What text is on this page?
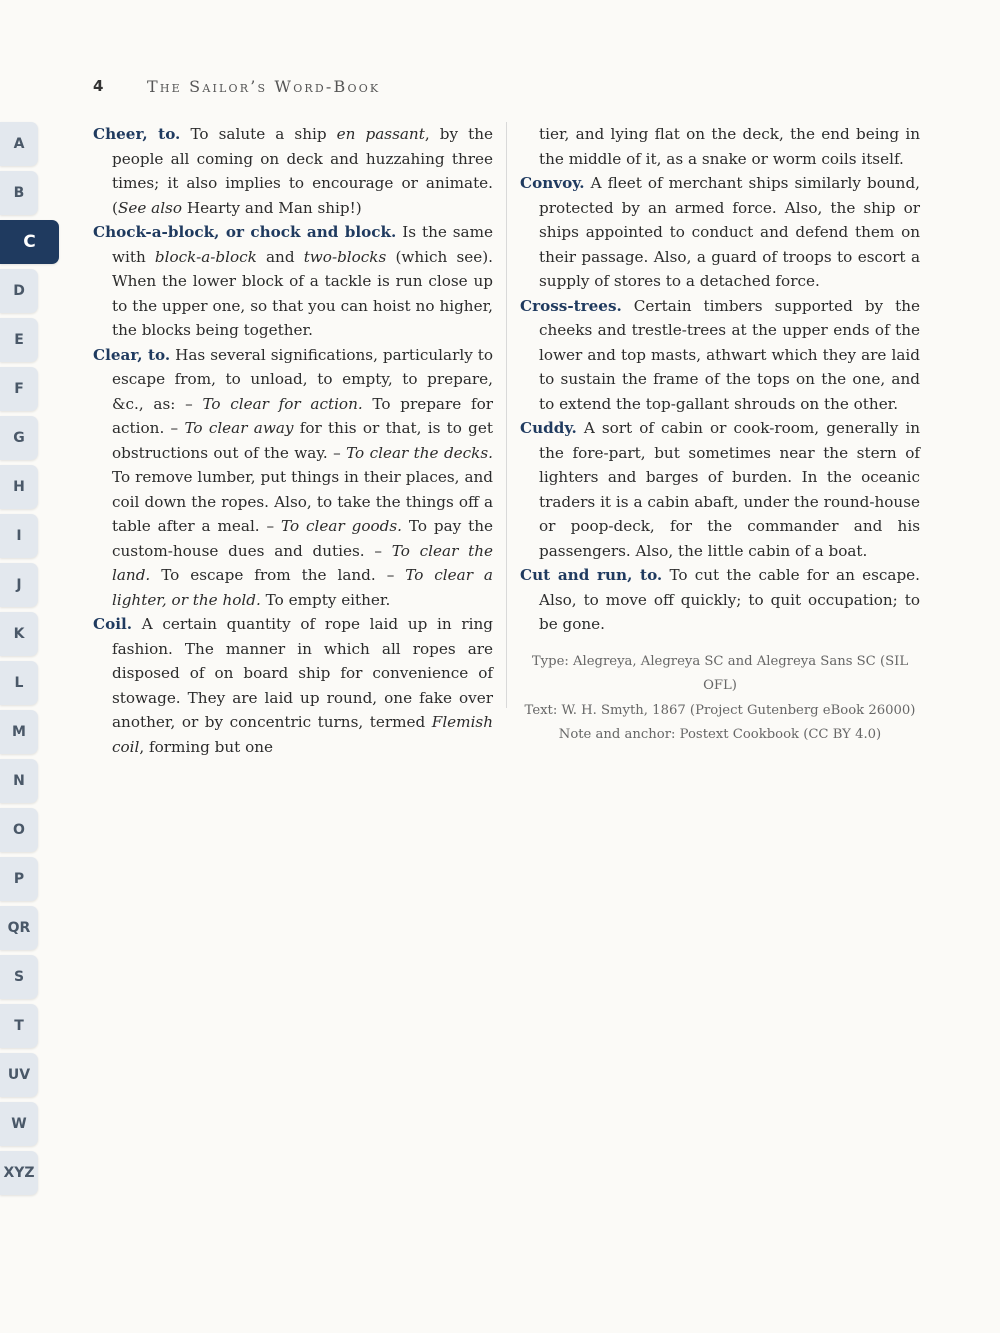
A
B
C
D
E
F
G
H
I
J
K
L
M
N
O
P
QR
S
T
UV
W
XYZ
4	The Sailor’s Word-Book

Cheer, to. To salute a ship en passant, by the people all coming on deck and huzzahing three times; it also implies to encourage or animate. (See also Hearty and Man ship!)

Chock-a-block, or chock and block. Is the same with block-a-block and two-blocks (which see). When the lower block of a tackle is run close up to the upper one, so that you can hoist no higher, the blocks being together.

Clear, to. Has several significations, particularly to escape from, to unload, to empty, to prepare, &c., as: – To clear for action. To prepare for action. – To clear away for this or that, is to get obstructions out of the way. – To clear the decks. To remove lumber, put things in their places, and coil down the ropes. Also, to take the things off a table after a meal. – To clear goods. To pay the custom-house dues and duties. – To clear the land. To escape from the land. – To clear a lighter, or the hold. To empty either.

Coil. A certain quantity of rope laid up in ring fashion. The manner in which all ropes are disposed of on board ship for convenience of stowage. They are laid up round, one fake over another, or by concentric turns, termed Flemish coil, forming but one

tier, and lying flat on the deck, the end being in the middle of it, as a snake or worm coils itself.

Convoy. A fleet of merchant ships similarly bound, protected by an armed force. Also, the ship or ships appointed to conduct and defend them on their passage. Also, a guard of troops to escort a supply of stores to a detached force.

Cross-trees. Certain timbers supported by the cheeks and trestle-trees at the upper ends of the lower and top masts, athwart which they are laid to sustain the frame of the tops on the one, and to extend the top-gallant shrouds on the other.

Cuddy. A sort of cabin or cook-room, generally in the fore-part, but sometimes near the stern of lighters and barges of burden. In the oceanic traders it is a cabin abaft, under the round-house or poop-deck, for the commander and his passengers. Also, the little cabin of a boat.

Cut and run, to. To cut the cable for an escape. Also, to move off quickly; to quit occupation; to be gone.

Type: Alegreya, Alegreya SC and Alegreya Sans SC (SIL OFL)
Text: W. H. Smyth, 1867 (Project Gutenberg eBook 26000)
Note and anchor: Postext Cookbook (CC BY 4.0)
